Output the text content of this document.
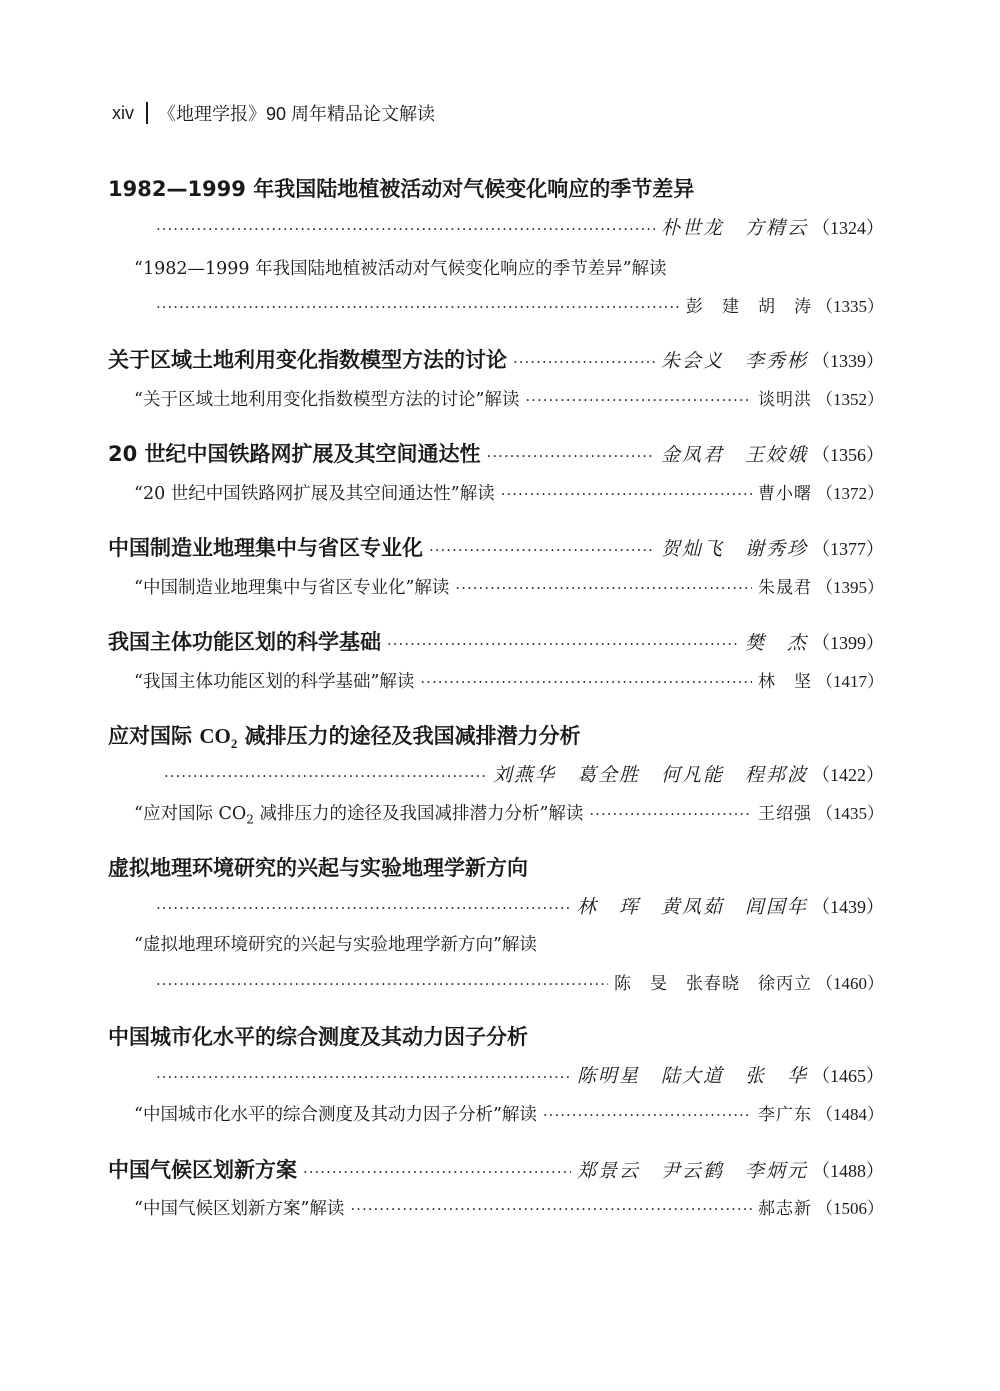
xiv 《地理学报》90 周年精品论文解读
1982—1999 年我国陆地植被活动对气候变化响应的季节差异
·····
朴世龙　方精云 （1324）
“1982—1999 年我国陆地植被活动对气候变化响应的季节差异”解读
·····
彭　建　胡　涛 （1335）
关于区域土地利用变化指数模型方法的讨论 ·····	朱会义　李秀彬 （1339）
“关于区域土地利用变化指数模型方法的讨论”解读 ·····	谈明洪 （1352）
20 世纪中国铁路网扩展及其空间通达性 ·····	金凤君　王姣娥 （1356）
“20 世纪中国铁路网扩展及其空间通达性”解读 ·····	曹小曙 （1372）
中国制造业地理集中与省区专业化 ·····	贺灿飞　谢秀珍 （1377）
“中国制造业地理集中与省区专业化”解读 ·····	朱晟君 （1395）
我国主体功能区划的科学基础 ·····	樊　杰 （1399）
“我国主体功能区划的科学基础”解读 ·····	林　坚 （1417）
应对国际 $CO_2$ 减排压力的途径及我国减排潜力分析
·····
刘燕华　葛全胜　何凡能　程邦波 （1422）
“应对国际 $CO_2$ 减排压力的途径及我国减排潜力分析”解读 ·····	王绍强 （1435）
虚拟地理环境研究的兴起与实验地理学新方向
·····
林　珲　黄凤茹　闾国年 （1439）
“虚拟地理环境研究的兴起与实验地理学新方向”解读
·····
陈　旻　张春晓　徐丙立 （1460）
中国城市化水平的综合测度及其动力因子分析
·····
陈明星　陆大道　张　华 （1465）
“中国城市化水平的综合测度及其动力因子分析”解读 ·····	李广东 （1484）
中国气候区划新方案 ·····	郑景云　尹云鹤　李炳元 （1488）
“中国气候区划新方案”解读 ·····	郝志新 （1506）
